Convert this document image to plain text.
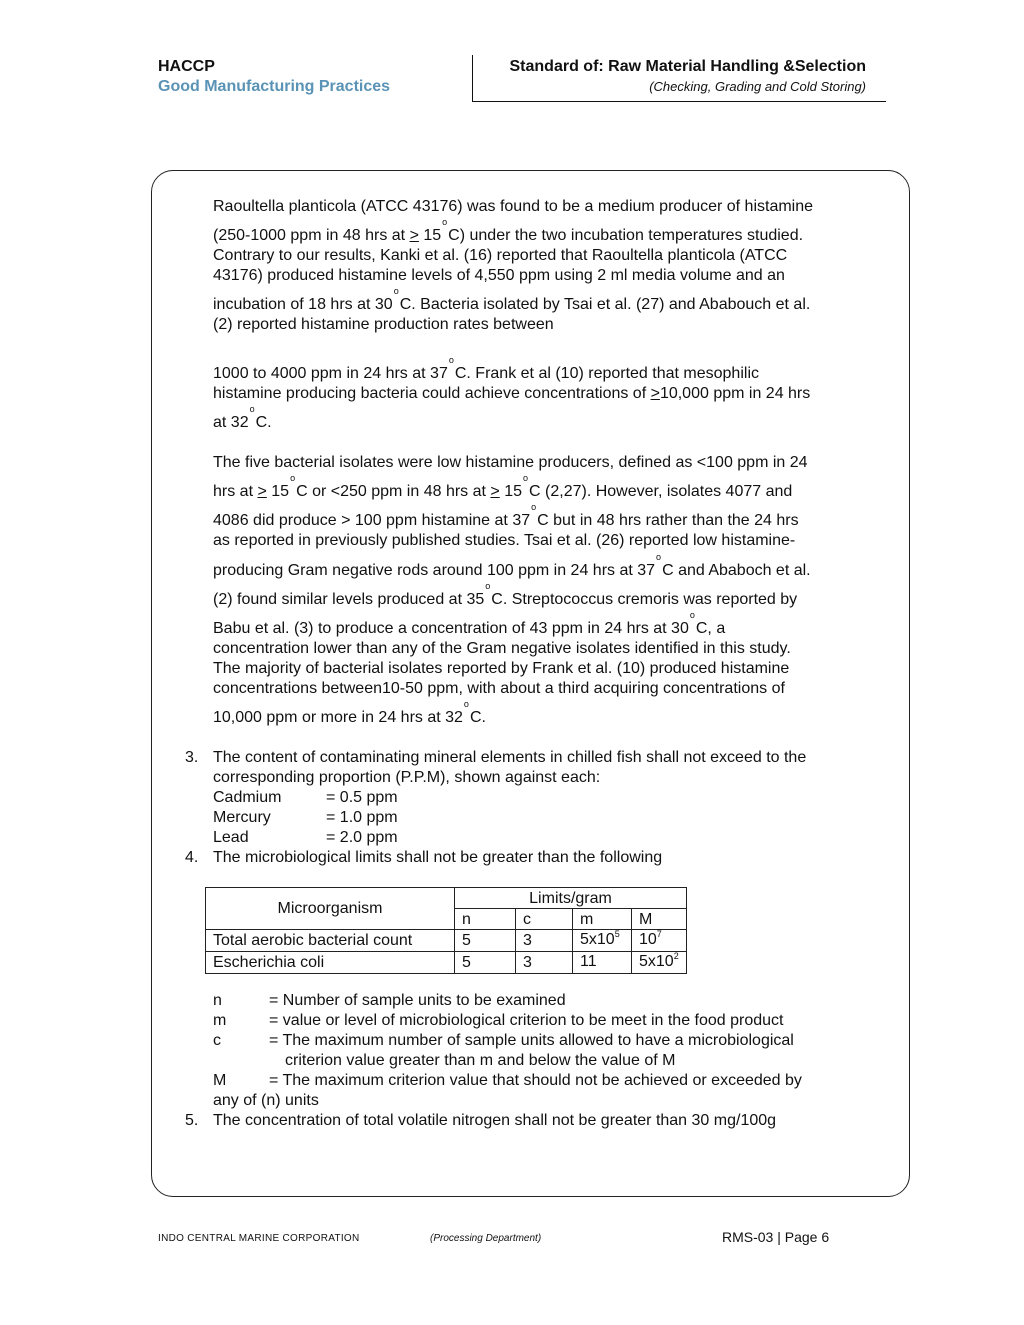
HACCP
Good Manufacturing Practices
Standard of: Raw Material Handling &Selection
(Checking, Grading and Cold Storing)
Raoultella planticola (ATCC 43176) was found to be a medium producer of histamine
(250-1000 ppm in 48 hrs at ≥ $15^oC$) under the two incubation temperatures studied.
Contrary to our results, Kanki et al. (16) reported that Raoultella planticola (ATCC
43176) produced histamine levels of 4,550 ppm using 2 ml media volume and an
incubation of 18 hrs at 30$^o$C. Bacteria isolated by Tsai et al. (27) and Ababouch et al.
(2) reported histamine production rates between
1000 to 4000 ppm in 24 hrs at 37$^o$C. Frank et al (10) reported that mesophilic
histamine producing bacteria could achieve concentrations of ≥10,000 ppm in 24 hrs
at 32$^o$C.
The five bacterial isolates were low histamine producers, defined as <100 ppm in 24
hrs at ≥ $15^oC$ or <250 ppm in 48 hrs at ≥ $15^oC$ (2,27). However, isolates 4077 and
4086 did produce > 100 ppm histamine at 37$^o$C but in 48 hrs rather than the 24 hrs
as reported in previously published studies. Tsai et al. (26) reported low histamine-
producing Gram negative rods around 100 ppm in 24 hrs at 37$^o$C and Ababoch et al.
(2) found similar levels produced at 35$^o$C. Streptococcus cremoris was reported by
Babu et al. (3) to produce a concentration of 43 ppm in 24 hrs at 30$^o$C, a
concentration lower than any of the Gram negative isolates identified in this study.
The majority of bacterial isolates reported by Frank et al. (10) produced histamine
concentrations between10-50 ppm, with about a third acquiring concentrations of
10,000 ppm or more in 24 hrs at 32$^o$C.
3. The content of contaminating mineral elements in chilled fish shall not exceed to the
corresponding proportion (P.P.M), shown against each:
Cadmium	= 0.5 ppm
Mercury	= 1.0 ppm
Lead	= 2.0 ppm
4. The microbiological limits shall not be greater than the following
Microorganism	Limits/gram			
	n	c	m	M
Total aerobic bacterial count	5	3	$5x10^5$	$10^7$
Escherichia coli	5	3	11	$5x10^2$
n	= Number of sample units to be examined
m	= value or level of microbiological criterion to be meet in the food product
c	= The maximum number of sample units allowed to have a microbiological
criterion value greater than m and below the value of M
M	= The maximum criterion value that should not be achieved or exceeded by
any of (n) units
5. The concentration of total volatile nitrogen shall not be greater than 30 mg/100g
INDO CENTRAL MARINE CORPORATION	(Processing Department)	RMS-03 | Page 6
